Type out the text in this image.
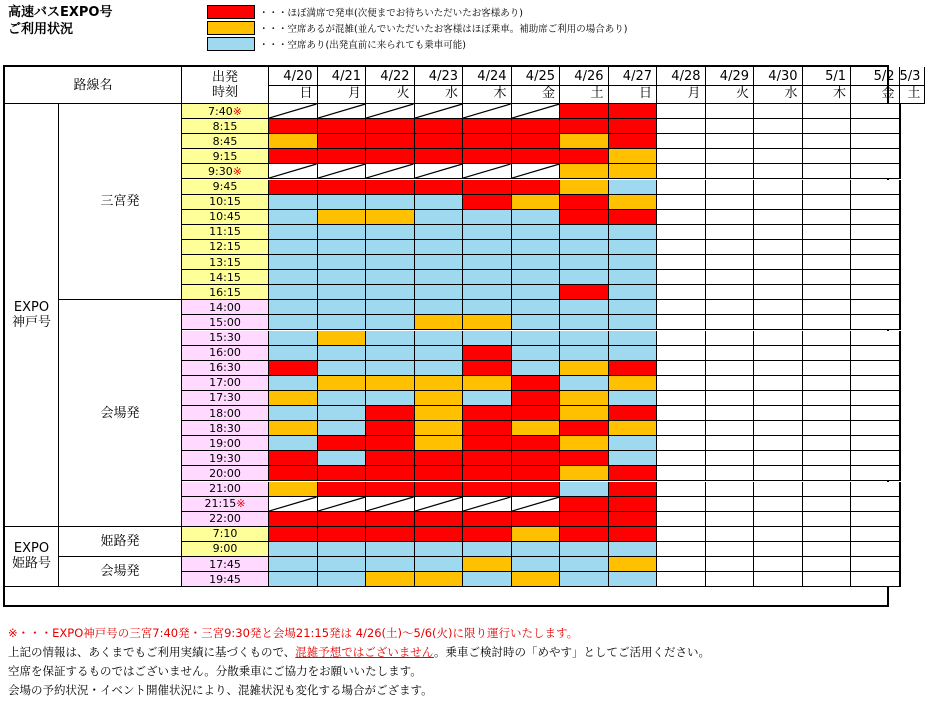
高速バスEXPO号
ご利用状況
・・・ほぼ満席で発車(次便までお待ちいただいたお客様あり)
・・・空席あるが混雑(並んでいただいたお客様はほぼ乗車。補助席ご利用の場合あり)
・・・空席あり(出発直前に来られても乗車可能)
路線名	出発
時刻
4/20
日
4/21
月
4/22
火
4/23
水
4/24
木
4/25
金
4/26
土
4/27
日
4/28
月
4/29
火
4/30
水
5/1
木
5/2
金
5/3
土
EXPO
神戸号
三宮発
7:40 ※
8:15
8:45
9:15
9:30 ※
9:45
10:15
10:45
11:15
12:15
13:15
14:15
16:15
会場発
14:00
15:00
15:30
16:00
16:30
17:00
17:30
18:00
18:30
19:00
19:30
20:00
21:00
21:15 ※
22:00
EXPO
姫路号
姫路発
7:10
9:00
会場発
17:45
19:45
※・・・EXPO神戸号の三宮7:40発・三宮9:30発と会場21:15発は 4/26(土)～5/6(火)に限り運行いたします。
上記の情報は、あくまでもご利用実績に基づくもので、混雑予想ではございません。乗車ご検討時の「めやす」としてご活用ください。
空席を保証するものではございません。分散乗車にご協力をお願いいたします。
会場の予約状況・イベント開催状況により、混雑状況も変化する場合がござます。
